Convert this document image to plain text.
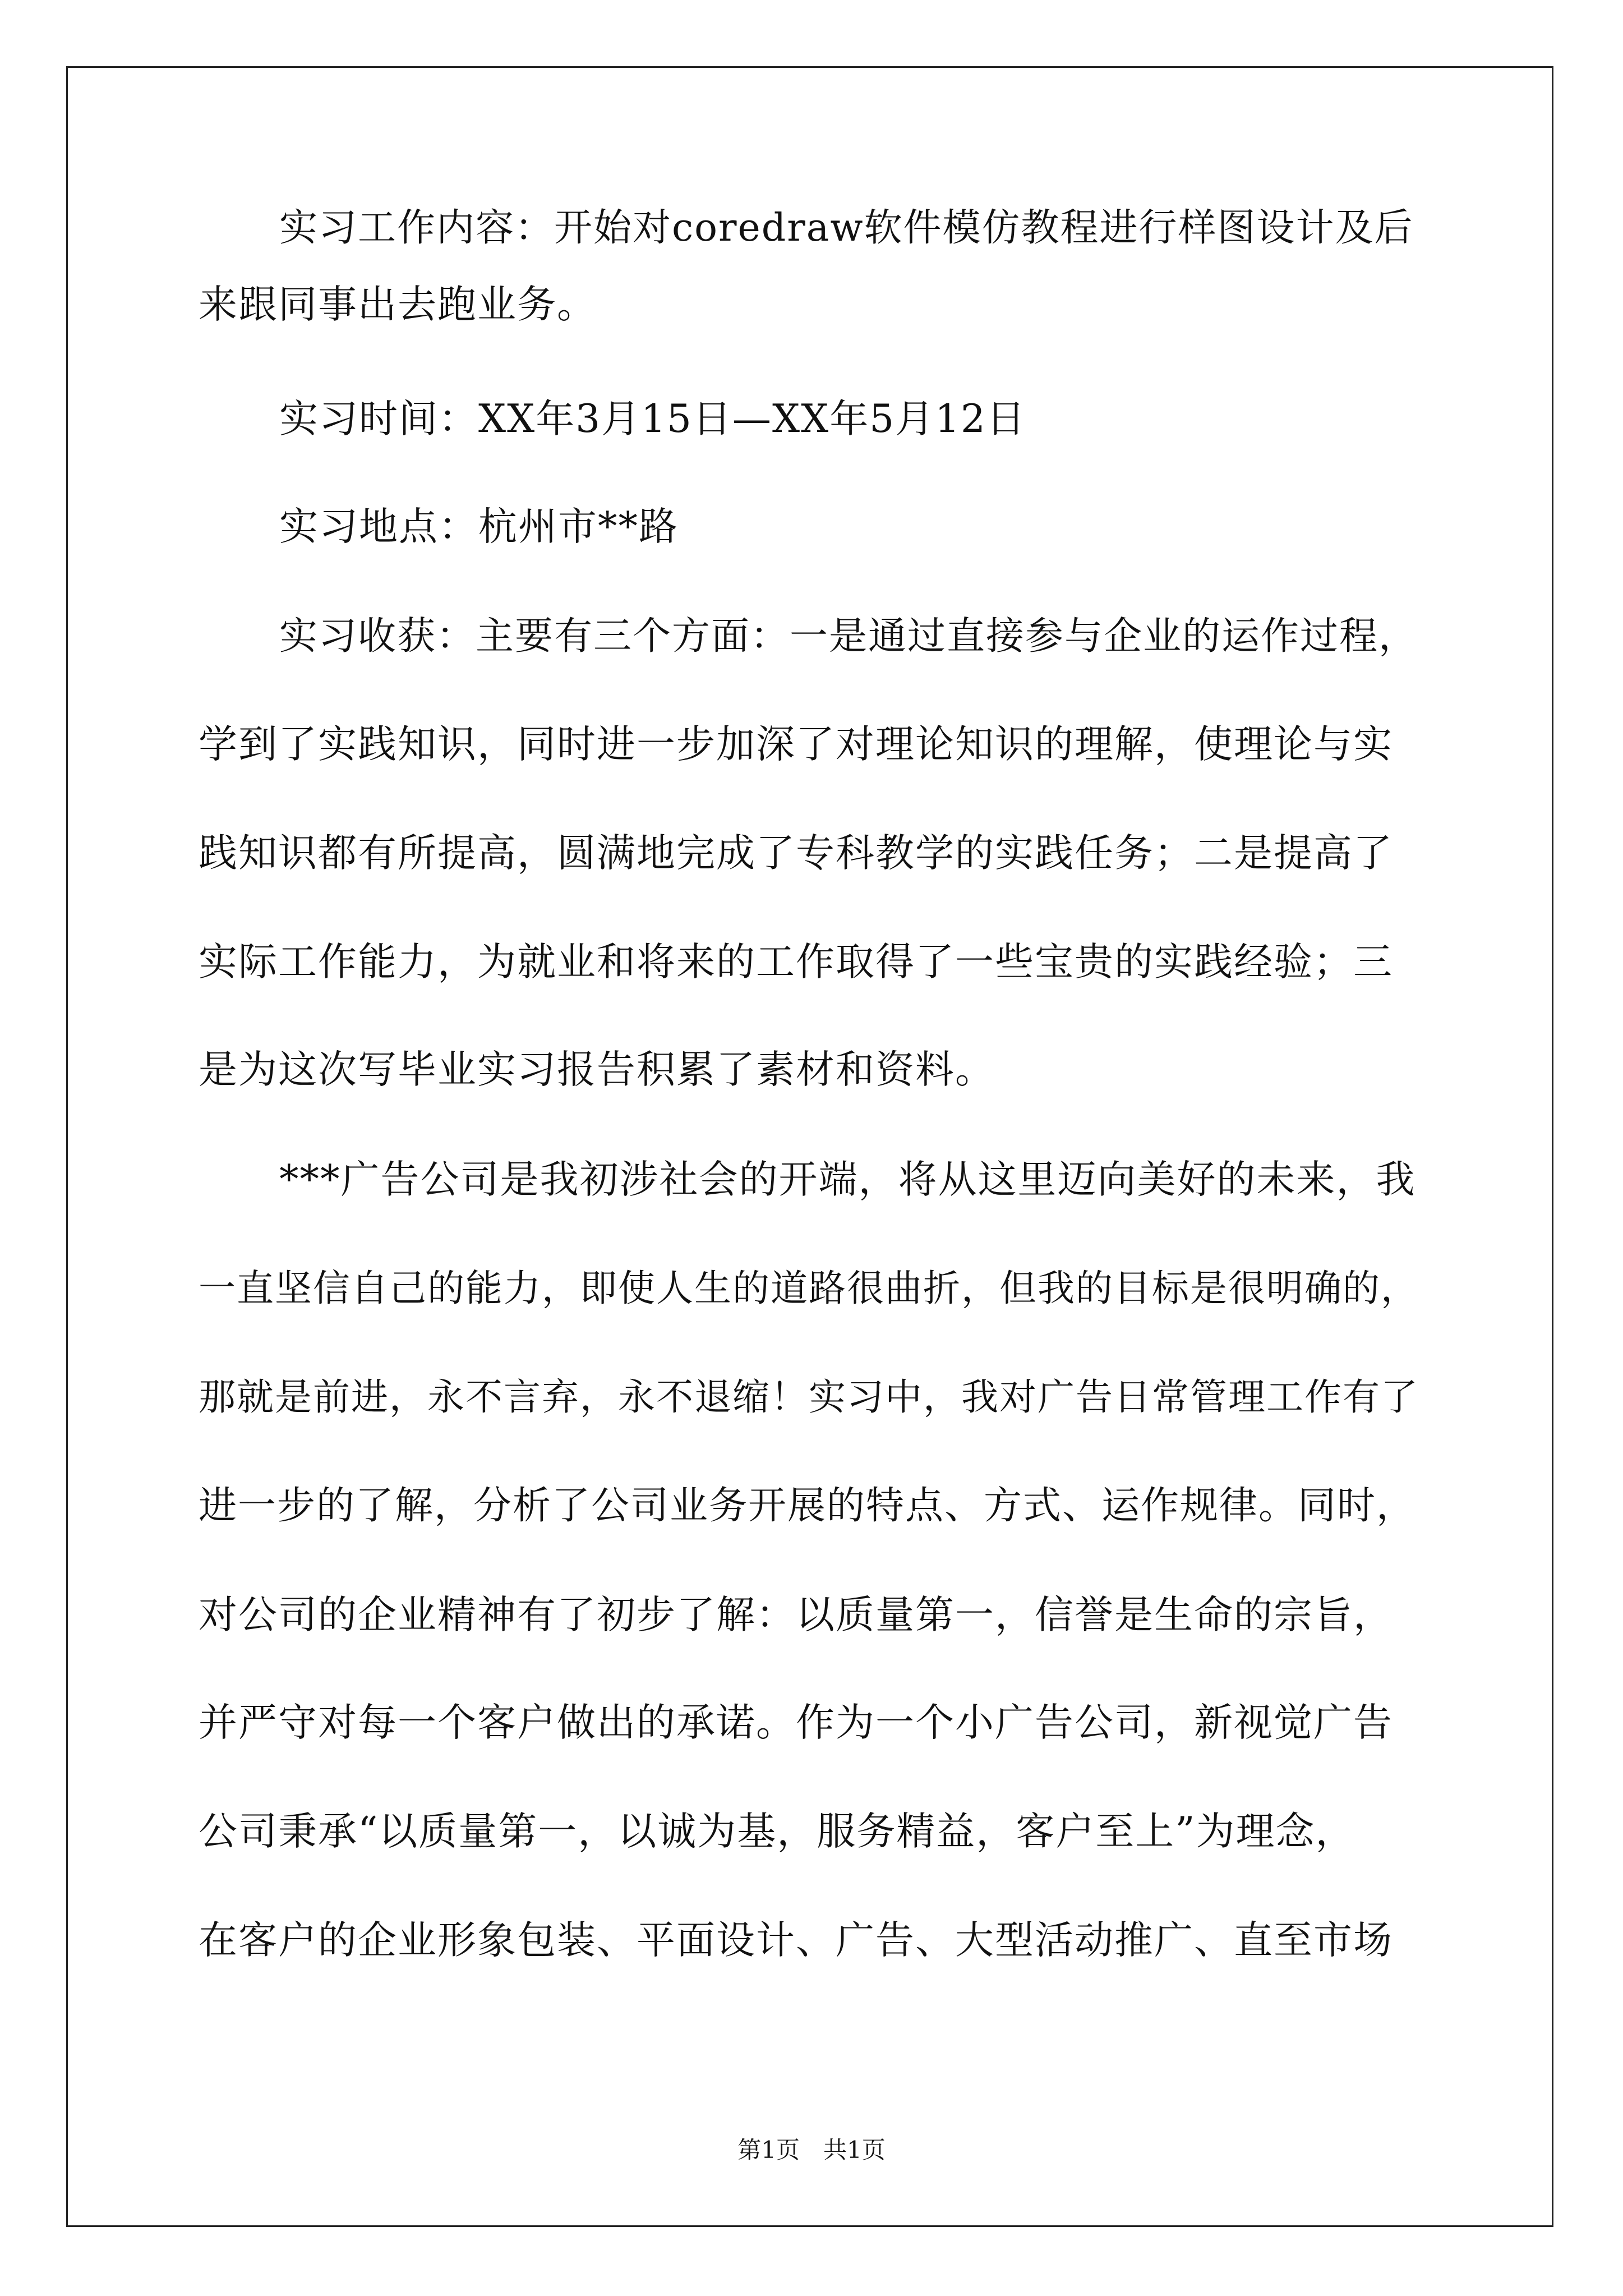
实习工作内容：开始对coredraw软件模仿教程进行样图设计及后
来跟同事出去跑业务。
实习时间：XX年3月15日—XX年5月12日
实习地点：杭州市**路
实习收获：主要有三个方面：一是通过直接参与企业的运作过程，
学到了实践知识，同时进一步加深了对理论知识的理解，使理论与实
践知识都有所提高，圆满地完成了专科教学的实践任务；二是提高了
实际工作能力，为就业和将来的工作取得了一些宝贵的实践经验；三
是为这次写毕业实习报告积累了素材和资料。
***广告公司是我初涉社会的开端，将从这里迈向美好的未来，我
一直坚信自己的能力，即使人生的道路很曲折，但我的目标是很明确的，
那就是前进，永不言弃，永不退缩！实习中，我对广告日常管理工作有了
进一步的了解，分析了公司业务开展的特点、方式、运作规律。同时，
对公司的企业精神有了初步了解：以质量第一，信誉是生命的宗旨，
并严守对每一个客户做出的承诺。作为一个小广告公司，新视觉广告
公司秉承“以质量第一，以诚为基，服务精益，客户至上”为理念，
在客户的企业形象包装、平面设计、广告、大型活动推广、直至市场
第1页　共1页
